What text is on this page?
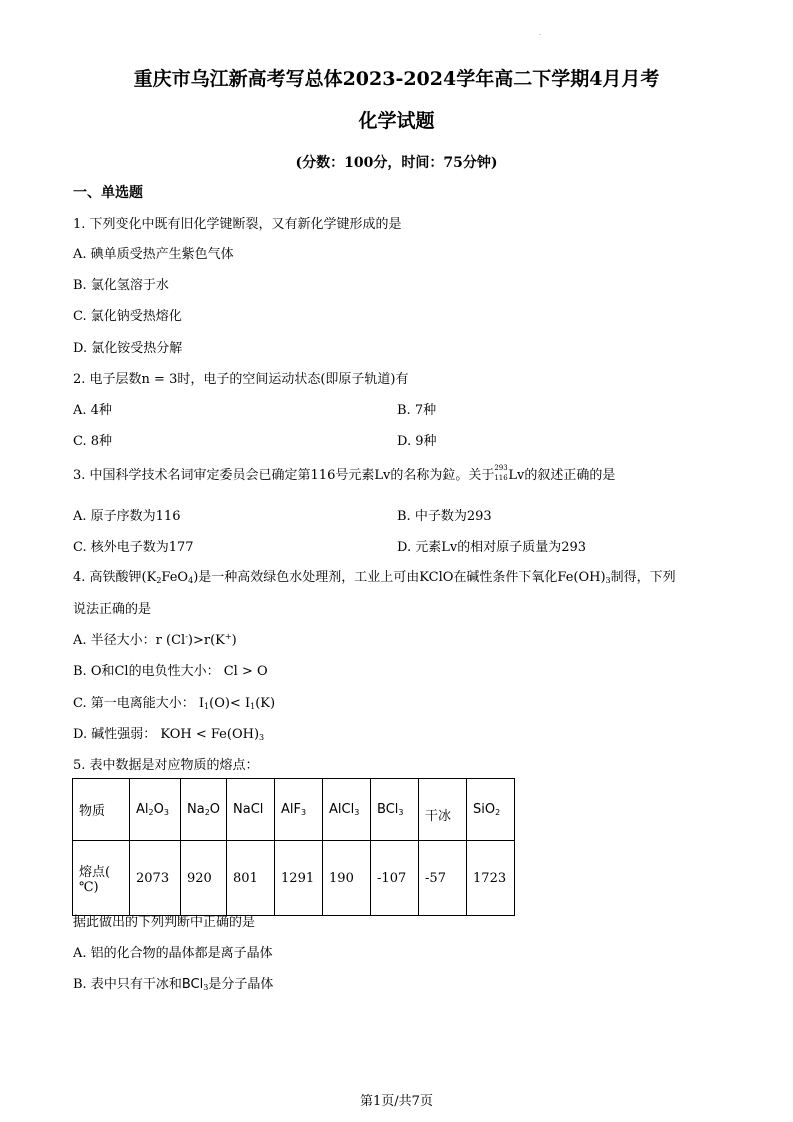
.
重庆市乌江新高考写总体2023-2024学年高二下学期4月月考
化学试题
(分数：100分，时间：75分钟)
一、单选题
1. 下列变化中既有旧化学键断裂，又有新化学键形成的是
A. 碘单质受热产生紫色气体
B. 氯化氢溶于水
C. 氯化钠受热熔化
D. 氯化铵受热分解
2. 电子层数n = 3时，电子的空间运动状态(即原子轨道)有
A. 4种	B. 7种
C. 8种	D. 9种
3. 中国科学技术名词审定委员会已确定第116号元素Lv的名称为鉝。关于 293
116 Lv的叙述正确的是
A. 原子序数为116	B. 中子数为293
C. 核外电子数为177	D. 元素Lv的相对原子质量为293
4. 高铁酸钾$(K_2FeO_4)$是一种高效绿色水处理剂，工业上可由KClO在碱性条件下氧化$Fe(OH)_3$制得，下列
说法正确的是
A. 半径大小：r (Cl-)>r(K+)
B. O和Cl的电负性大小： Cl > O
C. 第一电离能大小： $I_1(O)< I_1(K)$
D. 碱性强弱： KOH < $Fe(OH)_3$
5. 表中数据是对应物质的熔点：
物质	$Al_2O_3$	$Na_2O$	NaCl	AlF$_3$	AlCl$_3$	BCl$_3$	干冰	SiO$_2$

熔点(
℃)	2073	920	801	1291	190	-107	-57	1723
据此做出的下列判断中正确的是
A. 铝的化合物的晶体都是离子晶体
B. 表中只有干冰和BCl$_3$是分子晶体
第1页/共7页
